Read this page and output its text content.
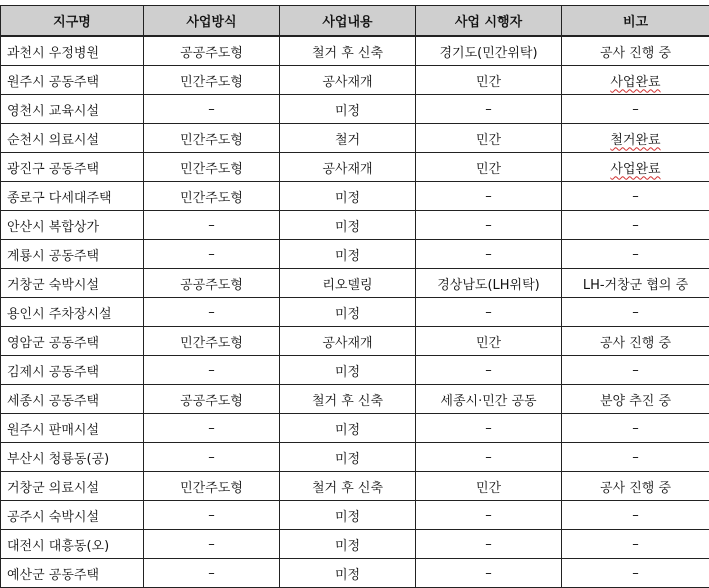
지구명	사업방식	사업내용	사업 시행자	비고
과천시 우정병원	공공주도형	철거 후 신축	경기도(민간위탁)	공사 진행 중
원주시 공동주택	민간주도형	공사재개	민간	사업완료
영천시 교육시설	–	미정	–	–
순천시 의료시설	민간주도형	철거	민간	철거완료
광진구 공동주택	민간주도형	공사재개	민간	사업완료
종로구 다세대주택	민간주도형	미정	–	–
안산시 복합상가	–	미정	–	–
계룡시 공동주택	–	미정	–	–
거창군 숙박시설	공공주도형	리오델링	경상남도(LH위탁)	LH-거창군 협의 중
용인시 주차장시설	–	미정	–	–
영암군 공동주택	민간주도형	공사재개	민간	공사 진행 중
김제시 공동주택	–	미정	–	–
세종시 공동주택	공공주도형	철거 후 신축	세종시·민간 공동	분양 추진 중
원주시 판매시설	–	미정	–	–
부산시 청룡동(공)	–	미정	–	–
거창군 의료시설	민간주도형	철거 후 신축	민간	공사 진행 중
공주시 숙박시설	–	미정	–	–
대전시 대흥동(오)	–	미정	–	–
예산군 공동주택	–	미정	–	–
